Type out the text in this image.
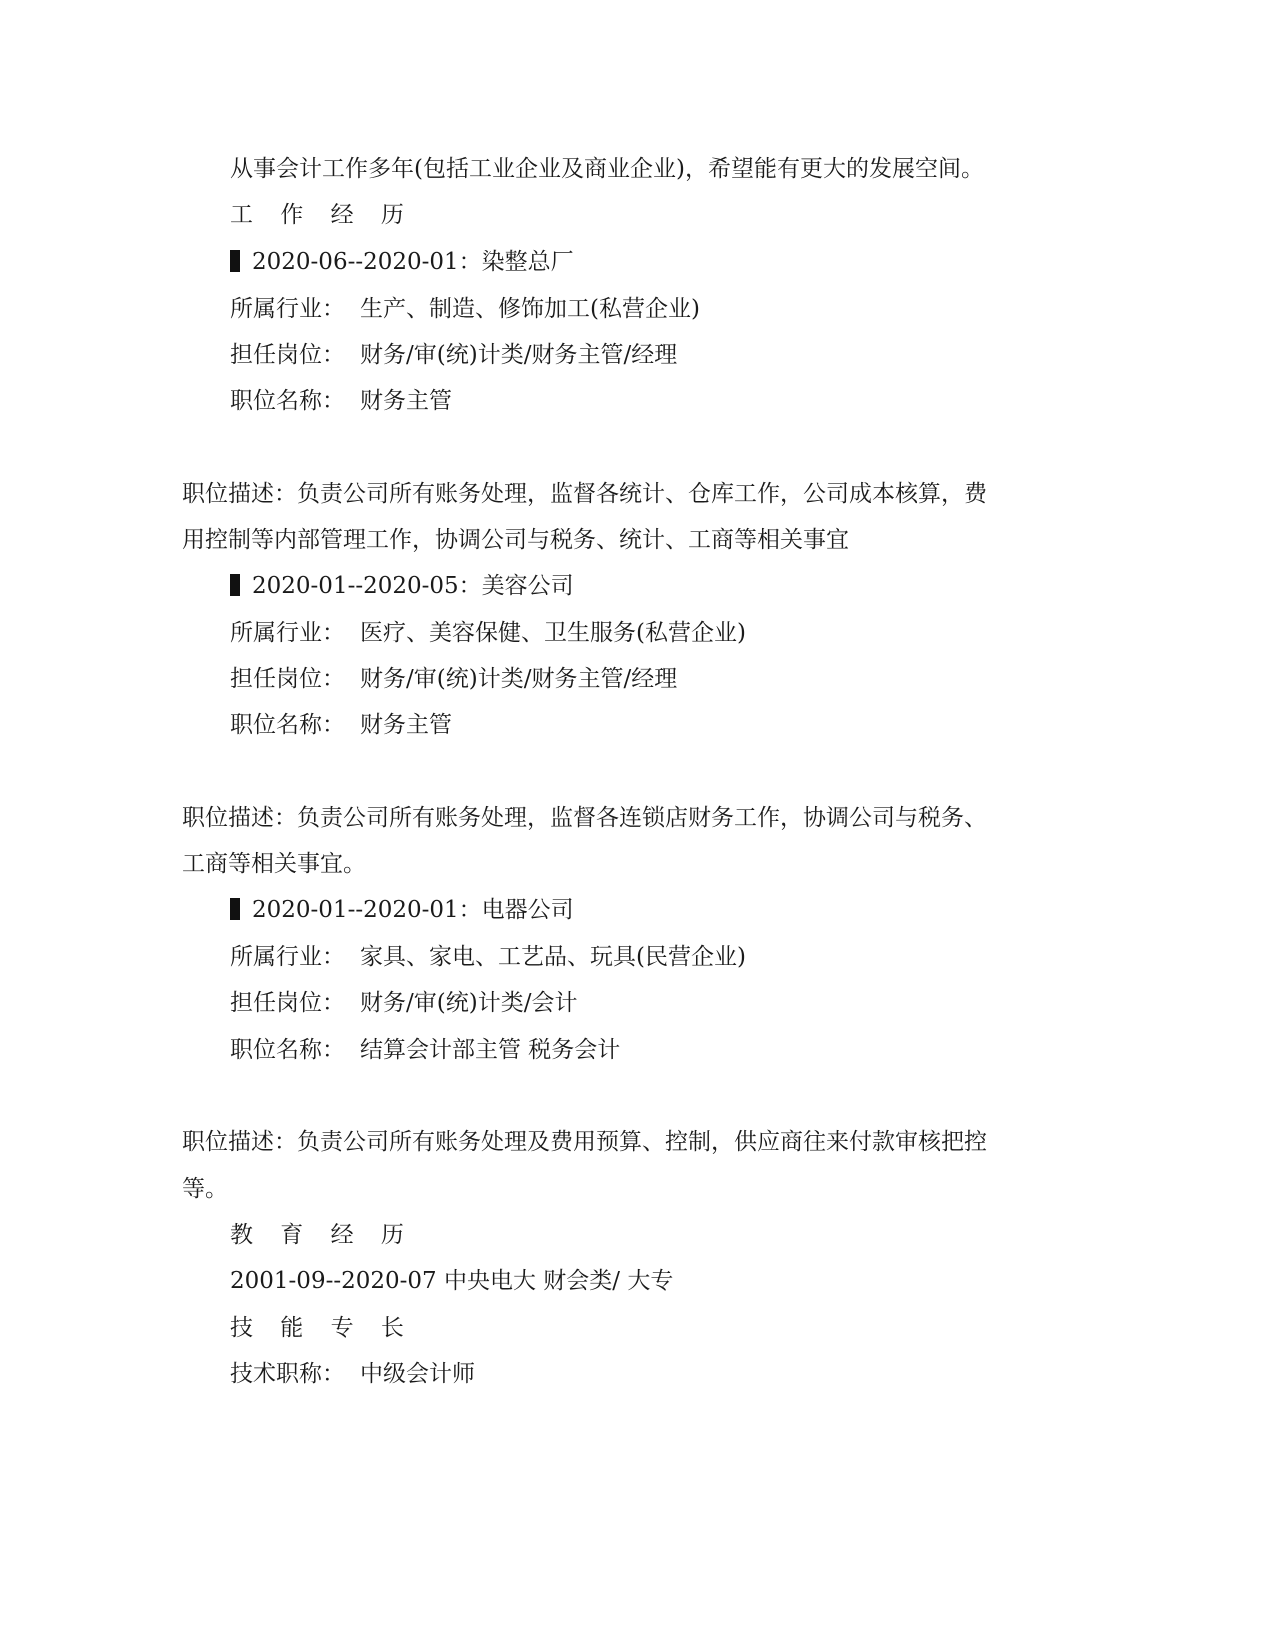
从事会计工作多年(包括工业企业及商业企业)，希望能有更大的发展空间。
工 作 经 历
2020-06--2020-01：染整总厂
所属行业： 生产、制造、修饰加工(私营企业)
担任岗位： 财务/审(统)计类/财务主管/经理
职位名称： 财务主管
职位描述：负责公司所有账务处理，监督各统计、仓库工作，公司成本核算，费
用控制等内部管理工作，协调公司与税务、统计、工商等相关事宜
2020-01--2020-05：美容公司
所属行业： 医疗、美容保健、卫生服务(私营企业)
担任岗位： 财务/审(统)计类/财务主管/经理
职位名称： 财务主管
职位描述：负责公司所有账务处理，监督各连锁店财务工作，协调公司与税务、
工商等相关事宜。
2020-01--2020-01：电器公司
所属行业： 家具、家电、工艺品、玩具(民营企业)
担任岗位： 财务/审(统)计类/会计
职位名称： 结算会计部主管 税务会计
职位描述：负责公司所有账务处理及费用预算、控制，供应商往来付款审核把控
等。
教 育 经 历
2001-09--2020-07 中央电大 财会类/ 大专
技 能 专 长
技术职称： 中级会计师
